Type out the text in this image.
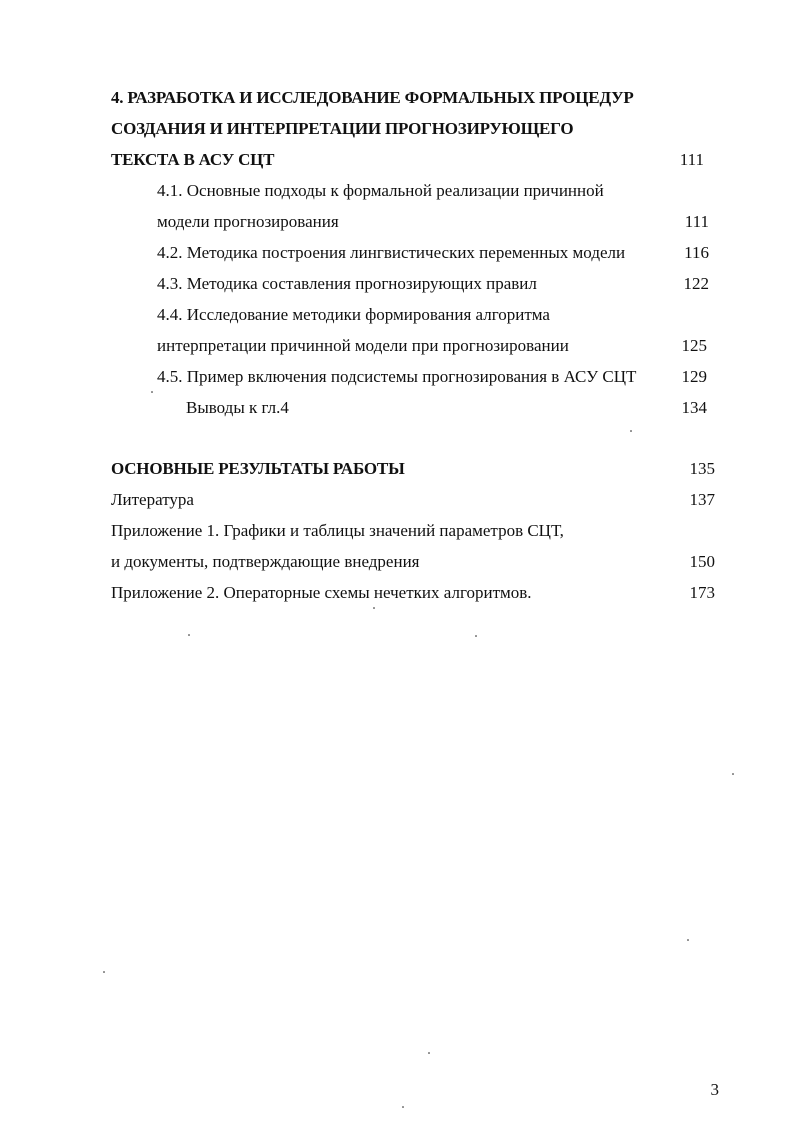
4. РАЗРАБОТКА И ИССЛЕДОВАНИЕ ФОРМАЛЬНЫХ ПРОЦЕДУР
СОЗДАНИЯ И ИНТЕРПРЕТАЦИИ ПРОГНОЗИРУЮЩЕГО
ТЕКСТА В АСУ СЦТ	111
4.1. Основные подходы к формальной реализации причинной
модели прогнозирования	111
4.2. Методика построения лингвистических переменных модели	116
4.3. Методика составления прогнозирующих правил	122
4.4. Исследование методики формирования алгоритма
интерпретации причинной модели при прогнозировании	125
4.5. Пример включения подсистемы прогнозирования в АСУ СЦТ	129
Выводы к гл.4	134
ОСНОВНЫЕ РЕЗУЛЬТАТЫ РАБОТЫ	135
Литература	137
Приложение 1. Графики и таблицы значений параметров СЦТ,
и документы, подтверждающие внедрения	150
Приложение 2. Операторные схемы нечетких алгоритмов.	173
3
